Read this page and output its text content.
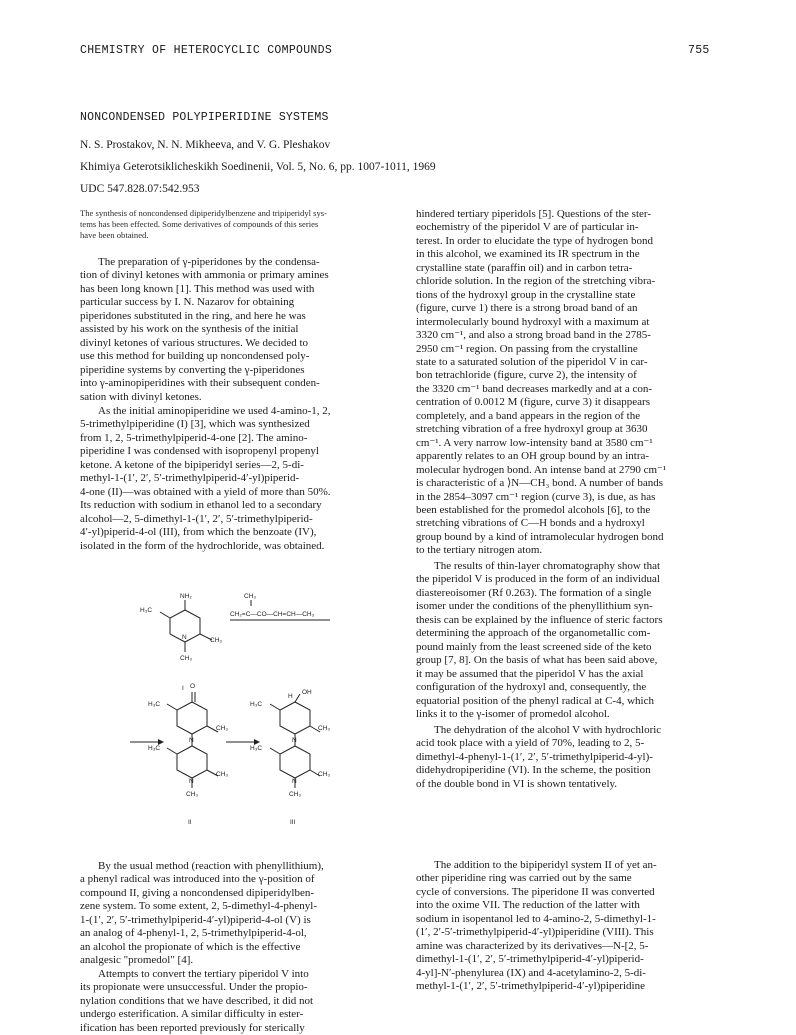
CHEMISTRY OF HETEROCYCLIC COMPOUNDS	755
NONCONDENSED POLYPIPERIDINE SYSTEMS
N. S. Prostakov, N. N. Mikheeva, and V. G. Pleshakov
Khimiya Geterotsiklicheskikh Soedinenii, Vol. 5, No. 6, pp. 1007-1011, 1969
UDC 547.828.07:542.953
The synthesis of noncondensed dipiperidylbenzene and tripiperidyl sys-
tems has been effected. Some derivatives of compounds of this series
have been obtained.
The preparation of γ-piperidones by the condensa-
tion of divinyl ketones with ammonia or primary amines
has been long known [1]. This method was used with
particular success by I. N. Nazarov for obtaining
piperidones substituted in the ring, and here he was
assisted by his work on the synthesis of the initial
divinyl ketones of various structures. We decided to
use this method for building up noncondensed poly-
piperidine systems by converting the γ-piperidones
into γ-aminopiperidines with their subsequent conden-
sation with divinyl ketones.
As the initial aminopiperidine we used 4-amino-1, 2,
5-trimethylpiperidine (I) [3], which was synthesized
from 1, 2, 5-trimethylpiperid-4-one [2]. The amino-
piperidine I was condensed with isopropenyl propenyl
ketone. A ketone of the bipiperidyl series—2, 5-di-
methyl-1-(1′, 2′, 5′-trimethylpiperid-4′-yl)piperid-
4-one (II)—was obtained with a yield of more than 50%.
Its reduction with sodium in ethanol led to a secondary
alcohol—2, 5-dimethyl-1-(1′, 2′, 5′-trimethylpiperid-
4′-yl)piperid-4-ol (III), from which the benzoate (IV),
isolated in the form of the hydrochloride, was obtained.
NH₂
H₃C
N	CH₃
CH₃
CH₃
CH₂=C—CO—CH=CH—CH₃
I O
H₃C
CH₃
N
H₃C
CH₃
N
CH₃
II
H
OH
H₃C
CH₃
N
H₃C
CH₃
N
CH₃
III
By the usual method (reaction with phenyllithium),
a phenyl radical was introduced into the γ-position of
compound II, giving a noncondensed dipiperidylben-
zene system. To some extent, 2, 5-dimethyl-4-phenyl-
1-(1′, 2′, 5′-trimethylpiperid-4′-yl)piperid-4-ol (V) is
an analog of 4-phenyl-1, 2, 5-trimethylpiperid-4-ol,
an alcohol the propionate of which is the effective
analgesic "promedol" [4].
Attempts to convert the tertiary piperidol V into
its propionate were unsuccessful. Under the propio-
nylation conditions that we have described, it did not
undergo esterification. A similar difficulty in ester-
ification has been reported previously for sterically
hindered tertiary piperidols [5]. Questions of the ster-
eochemistry of the piperidol V are of particular in-
terest. In order to elucidate the type of hydrogen bond
in this alcohol, we examined its IR spectrum in the
crystalline state (paraffin oil) and in carbon tetra-
chloride solution. In the region of the stretching vibra-
tions of the hydroxyl group in the crystalline state
(figure, curve 1) there is a strong broad band of an
intermolecularly bound hydroxyl with a maximum at
3320 cm⁻¹, and also a strong broad band in the 2785-
2950 cm⁻¹ region. On passing from the crystalline
state to a saturated solution of the piperidol V in car-
bon tetrachloride (figure, curve 2), the intensity of
the 3320 cm⁻¹ band decreases markedly and at a con-
centration of 0.0012 M (figure, curve 3) it disappears
completely, and a band appears in the region of the
stretching vibration of a free hydroxyl group at 3630
cm⁻¹. A very narrow low-intensity band at 3580 cm⁻¹
apparently relates to an OH group bound by an intra-
molecular hydrogen bond. An intense band at 2790 cm⁻¹
is characteristic of a ⟩N—CH₃ bond. A number of bands
in the 2854–3097 cm⁻¹ region (curve 3), is due, as has
been established for the promedol alcohols [6], to the
stretching vibrations of C—H bonds and a hydroxyl
group bound by a kind of intramolecular hydrogen bond
to the tertiary nitrogen atom.
The results of thin-layer chromatography show that
the piperidol V is produced in the form of an individual
diastereoisomer (Rf 0.263). The formation of a single
isomer under the conditions of the phenyllithium syn-
thesis can be explained by the influence of steric factors
determining the approach of the organometallic com-
pound mainly from the least screened side of the keto
group [7, 8]. On the basis of what has been said above,
it may be assumed that the piperidol V has the axial
configuration of the hydroxyl and, consequently, the
equatorial position of the phenyl radical at C-4, which
links it to the γ-isomer of promedol alcohol.
The dehydration of the alcohol V with hydrochloric
acid took place with a yield of 70%, leading to 2, 5-
dimethyl-4-phenyl-1-(1′, 2′, 5′-trimethylpiperid-4-yl)-
didehydropiperidine (VI). In the scheme, the position
of the double bond in VI is shown tentatively.
The addition to the bipiperidyl system II of yet an-
other piperidine ring was carried out by the same
cycle of conversions. The piperidone II was converted
into the oxime VII. The reduction of the latter with
sodium in isopentanol led to 4-amino-2, 5-dimethyl-1-
(1′, 2′-5′-trimethylpiperid-4′-yl)piperidine (VIII). This
amine was characterized by its derivatives—N-[2, 5-
dimethyl-1-(1′, 2′, 5′-trimethylpiperid-4′-yl)piperid-
4-yl]-N′-phenylurea (IX) and 4-acetylamino-2, 5-di-
methyl-1-(1′, 2′, 5′-trimethylpiperid-4′-yl)piperidine
